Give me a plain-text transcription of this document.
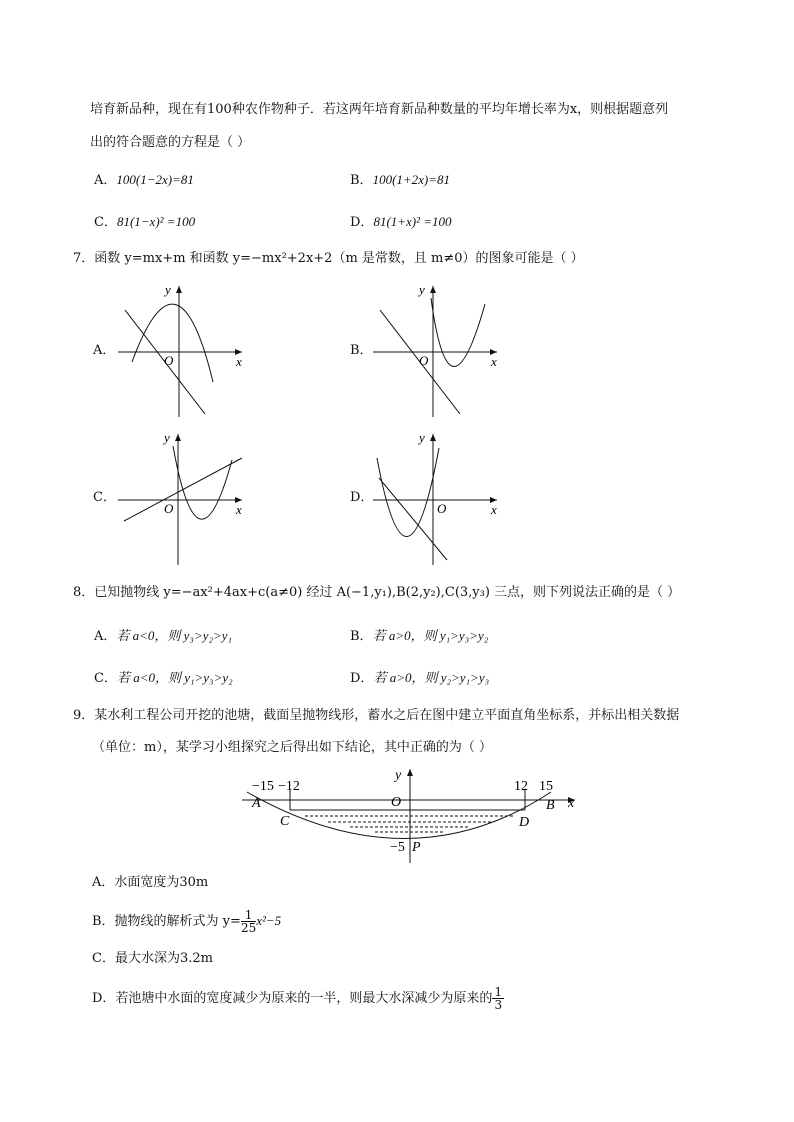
培育新品种，现在有100种农作物种子．若这两年培育新品种数量的平均年增长率为x，则根据题意列
出的符合题意的方程是（ ）
A．100(1−2x)=81	B．100(1+2x)=81
C．81(1−x)² =100	D．81(1+x)² =100
7．函数 y=mx+m 和函数 y=−mx²+2x+2（m 是常数，且 m≠0）的图象可能是（ ）
A．
O	x
y
B．
O	x
y
C．
O	x
y
D．
O	x
y
8．已知抛物线 y=−ax²+4ax+c(a≠0) 经过 A(−1,y₁),B(2,y₂),C(3,y₃) 三点，则下列说法正确的是（ ）
A．若 a<0，则 y₃>y₂>y₁	B．若 a>0，则 y₁>y₃>y₂
C．若 a<0，则 y₁>y₃>y₂	D．若 a>0，则 y₂>y₁>y₃
9．某水利工程公司开挖的池塘，截面呈抛物线形，蓄水之后在图中建立平面直角坐标系，并标出相关数据
（单位：m），某学习小组探究之后得出如下结论，其中正确的为（ ）
−15 −12	12 15
A	B
C	D
O
P
−5
x
y
A．水面宽度为30m
B．抛物线的解析式为 $y= \frac{1}{25} x^2-5$
C．最大水深为3.2m
D．若池塘中水面的宽度减少为原来的一半，则最大水深减少为原来的 $\frac{1}{3}$
